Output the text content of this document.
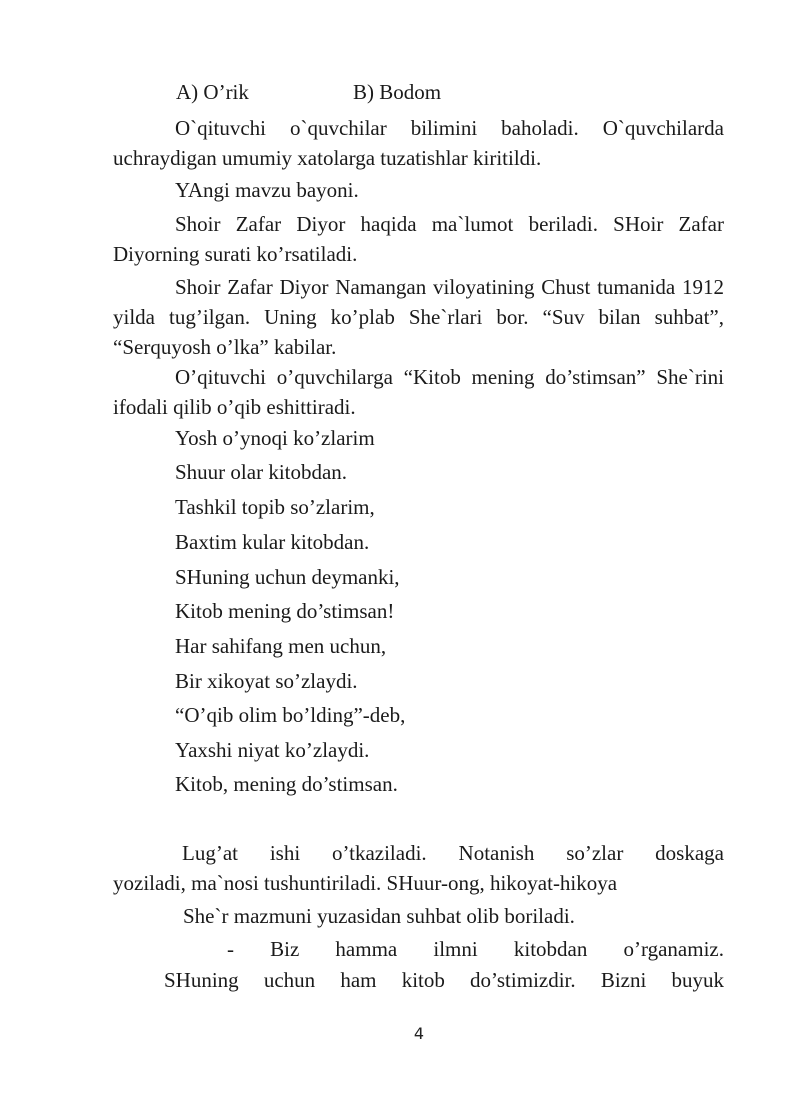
A) O’rik	B) Bodom
O`qituvchi o`quvchilar bilimini baholadi. O`quvchilarda uchraydigan umumiy xatolarga tuzatishlar kiritildi.
YAngi mavzu bayoni.
Shoir Zafar Diyor haqida ma`lumot beriladi. SHoir Zafar Diyorning surati ko’rsatiladi.
Shoir Zafar Diyor Namangan viloyatining Chust tumanida 1912 yilda tug’ilgan. Uning ko’plab She`rlari bor. “Suv bilan suhbat”, “Serquyosh o’lka” kabilar.
O’qituvchi o’quvchilarga “Kitob mening do’stimsan” She`rini ifodali qilib o’qib eshittiradi.
Yosh o’ynoqi ko’zlarim
Shuur olar kitobdan.
Tashkil topib so’zlarim,
Baxtim kular kitobdan.
SHuning uchun deymanki,
Kitob mening do’stimsan!
Har sahifang men uchun,
Bir xikoyat so’zlaydi.
“O’qib olim bo’lding”-deb,
Yaxshi niyat ko’zlaydi.
Kitob, mening do’stimsan.
Lug’at ishi o’tkaziladi. Notanish so’zlar doskaga
yoziladi, ma`nosi tushuntiriladi. SHuur-ong, hikoyat-hikoya
She`r mazmuni yuzasidan suhbat olib boriladi.
- Biz hamma ilmni kitobdan o’rganamiz.
SHuning uchun ham kitob do’stimizdir. Bizni buyuk
4
